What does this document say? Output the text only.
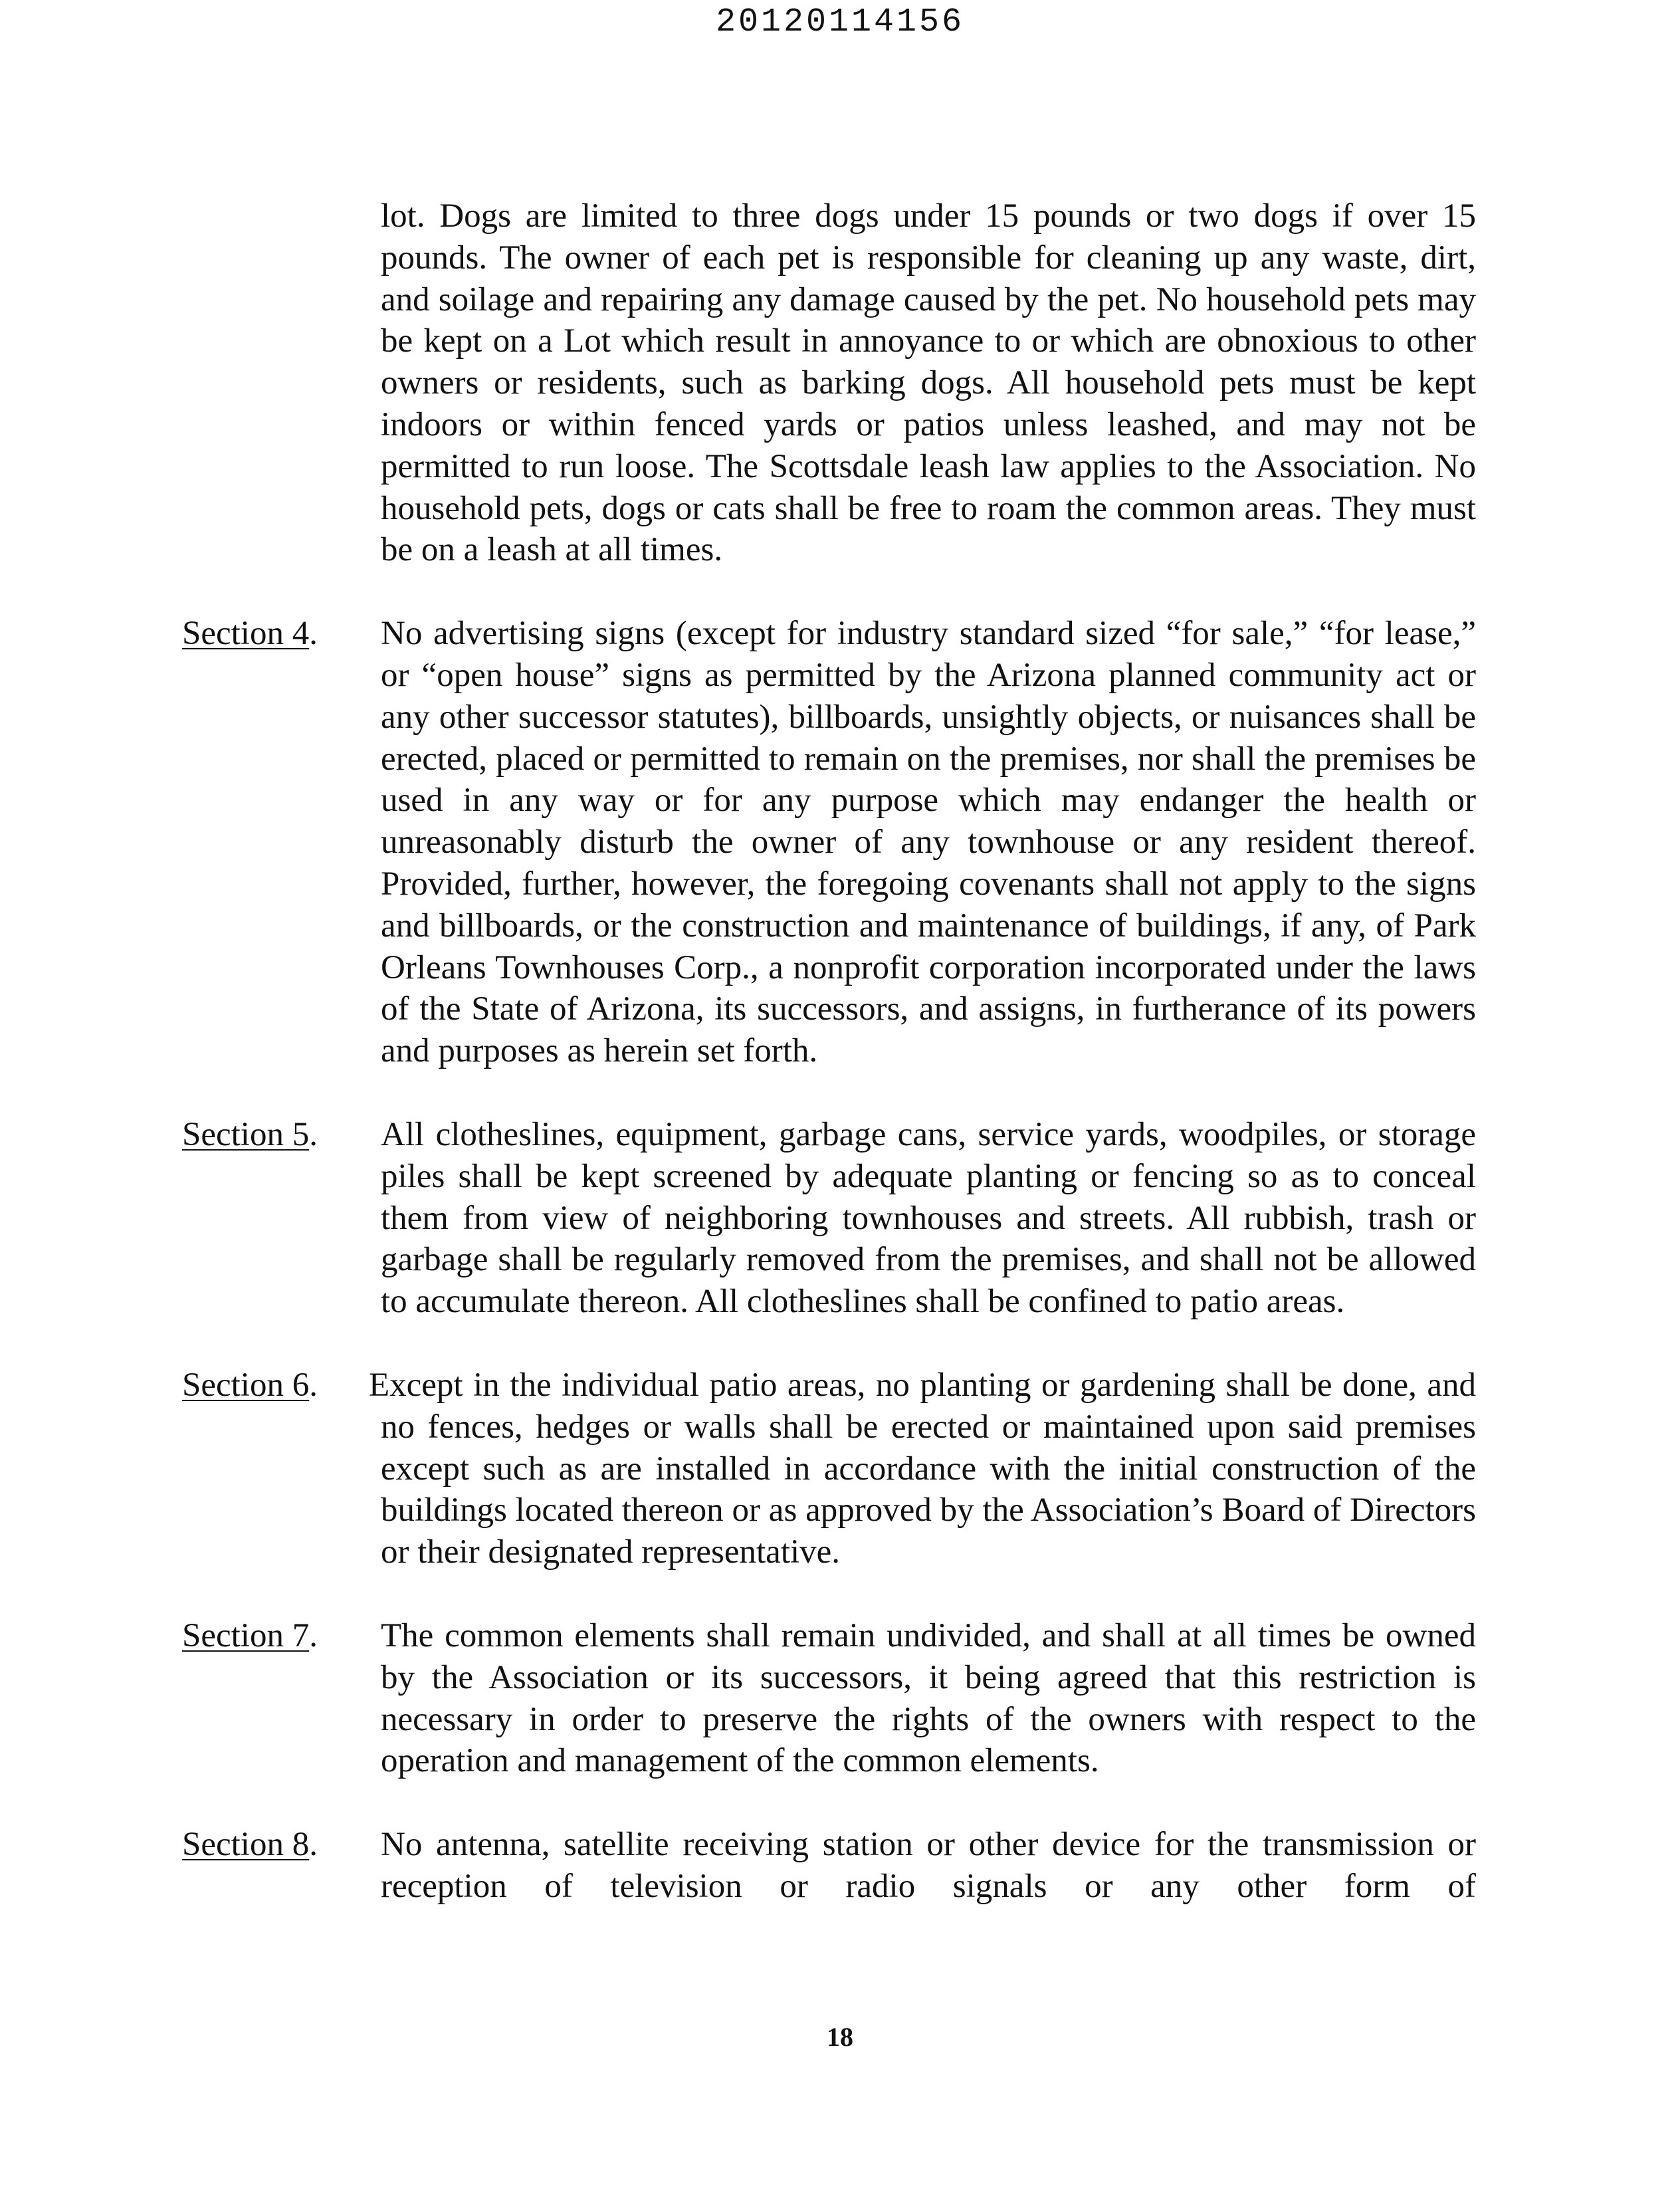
20120114156
lot. Dogs are limited to three dogs under 15 pounds or two dogs if over 15 pounds. The owner of each pet is responsible for cleaning up any waste, dirt, and soilage and repairing any damage caused by the pet. No household pets may be kept on a Lot which result in annoyance to or which are obnoxious to other owners or residents, such as barking dogs. All household pets must be kept indoors or within fenced yards or patios unless leashed, and may not be permitted to run loose. The Scottsdale leash law applies to the Association. No household pets, dogs or cats shall be free to roam the common areas. They must be on a leash at all times.
Section 4. No advertising signs (except for industry standard sized “for sale,” “for lease,” or “open house” signs as permitted by the Arizona planned community act or any other successor statutes), billboards, unsightly objects, or nuisances shall be erected, placed or permitted to remain on the premises, nor shall the premises be used in any way or for any purpose which may endanger the health or unreasonably disturb the owner of any townhouse or any resident thereof. Provided, further, however, the foregoing covenants shall not apply to the signs and billboards, or the construction and maintenance of buildings, if any, of Park Orleans Townhouses Corp., a nonprofit corporation incorporated under the laws of the State of Arizona, its successors, and assigns, in furtherance of its powers and purposes as herein set forth.
Section 5. All clotheslines, equipment, garbage cans, service yards, woodpiles, or storage piles shall be kept screened by adequate planting or fencing so as to conceal them from view of neighboring townhouses and streets. All rubbish, trash or garbage shall be regularly removed from the premises, and shall not be allowed to accumulate thereon. All clotheslines shall be confined to patio areas.
Section 6. Except in the individual patio areas, no planting or gardening shall be done, and no fences, hedges or walls shall be erected or maintained upon said premises except such as are installed in accordance with the initial construction of the buildings located thereon or as approved by the Association’s Board of Directors or their designated representative.
Section 7. The common elements shall remain undivided, and shall at all times be owned by the Association or its successors, it being agreed that this restriction is necessary in order to preserve the rights of the owners with respect to the operation and management of the common elements.
Section 8. No antenna, satellite receiving station or other device for the transmission or reception of television or radio signals or any other form of
18
